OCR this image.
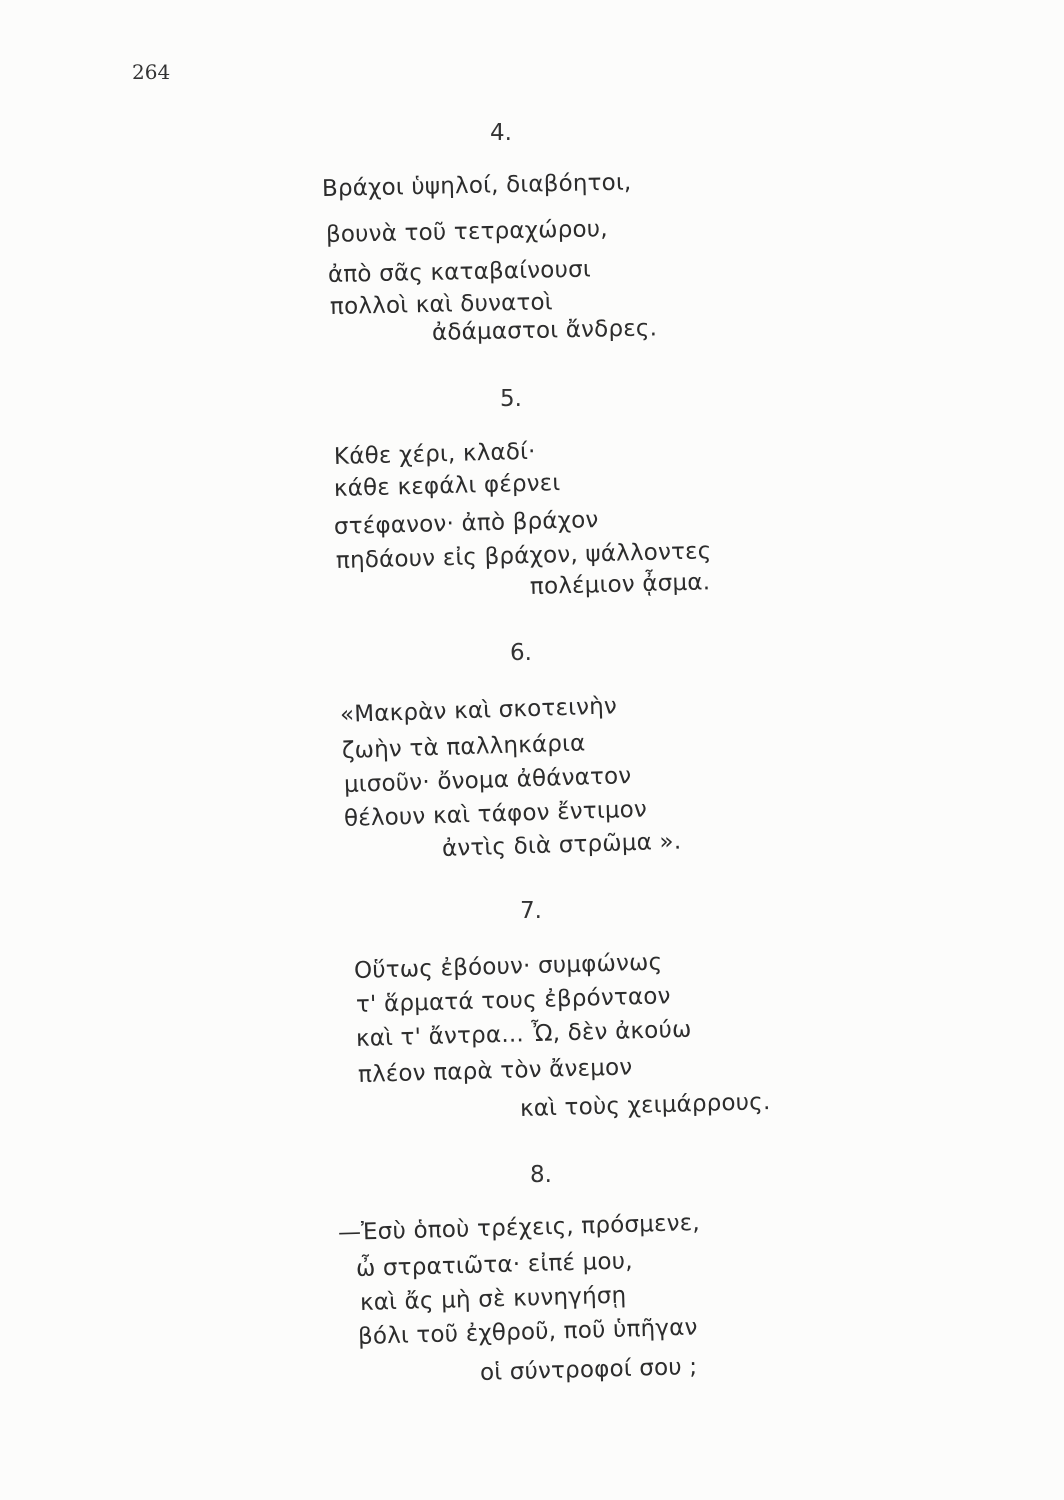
264
4.
Βράχοι ὑψηλοί, διαβόητοι,
βουνὰ τοῦ τετραχώρου,
ἀπὸ σᾶς καταβαίνουσι
πολλοὶ καὶ δυνατοὶ
ἀδάμαστοι ἄνδρες.
5.
Κάθε χέρι, κλαδί·
κάθε κεφάλι φέρνει
στέφανον· ἀπὸ βράχον
πηδάουν εἰς βράχον, ψάλλοντες
πολέμιον ᾆσμα.
6.
«Μακρὰν καὶ σκοτεινὴν
ζωὴν τὰ παλληκάρια
μισοῦν· ὄνομα ἀθάνατον
θέλουν καὶ τάφον ἔντιμον
ἀντὶς διὰ στρῶμα ».
7.
Οὕτως ἐβόουν· συμφώνως
τ' ἅρματά τους ἐβρόνταον
καὶ τ' ἄντρα... Ὦ, δὲν ἀκούω
πλέον παρὰ τὸν ἄνεμον
καὶ τοὺς χειμάρρους.
8.
—Ἐσὺ ὁποὺ τρέχεις, πρόσμενε,
ὦ στρατιῶτα· εἰπέ μου,
καὶ ἄς μὴ σὲ κυνηγήσῃ
βόλι τοῦ ἐχθροῦ, ποῦ ὑπῆγαν
οἱ σύντροφοί σου ;
